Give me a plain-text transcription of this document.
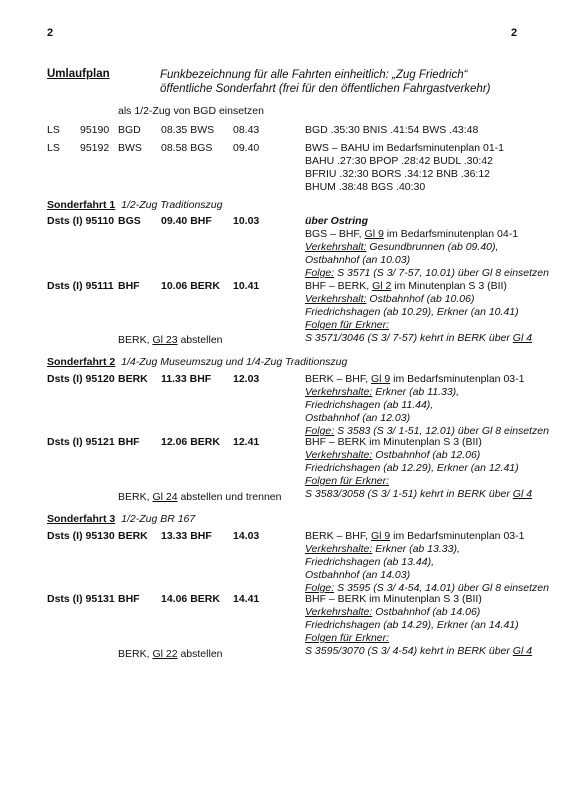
2	2
Umlaufplan	Funkbezeichnung für alle Fahrten einheitlich: „Zug Friedrich“
öffentliche Sonderfahrt (frei für den öffentlichen Fahrgastverkehr)
als 1/2-Zug von BGD einsetzen
LS 95190 BGD 08.35 BWS 08.43	BGD .35:30 BNIS .41:54 BWS .43:48
LS 95192 BWS 08.58 BGS 09.40	BWS – BAHU im Bedarfsminutenplan 01-1
BAHU .27:30 BPOP .28:42 BUDL .30:42
BFRIU .32:30 BORS .34:12 BNB .36:12
BHUM .38:48 BGS .40:30
Sonderfahrt 1 1/2-Zug Traditionszug
Dsts (I) 95110 BGS 09.40 BHF 10.03	über Ostring
BGS – BHF, Gl 9 im Bedarfsminutenplan 04-1
Verkehrshalt: Gesundbrunnen (ab 09.40),
Ostbahnhof (an 10.03)
Folge: S 3571 (S 3/ 7-57, 10.01) über Gl 8 einsetzen
Dsts (I) 95111 BHF 10.06 BERK 10.41	BHF – BERK, Gl 2 im Minutenplan S 3 (BII)
Verkehrshalt: Ostbahnhof (ab 10.06)
Friedrichshagen (ab 10.29), Erkner (an 10.41)
Folgen für Erkner:
S 3571/3046 (S 3/ 7-57) kehrt in BERK über Gl 4
BERK, Gl 23 abstellen
Sonderfahrt 2 1/4-Zug Museumszug und 1/4-Zug Traditionszug
Dsts (I) 95120 BERK 11.33 BHF 12.03	BERK – BHF, Gl 9 im Bedarfsminutenplan 03-1
Verkehrshalte: Erkner (ab 11.33),
Friedrichshagen (ab 11.44),
Ostbahnhof (an 12.03)
Folge: S 3583 (S 3/ 1-51, 12.01) über Gl 8 einsetzen
Dsts (I) 95121 BHF 12.06 BERK 12.41	BHF – BERK im Minutenplan S 3 (BII)
Verkehrshalte: Ostbahnhof (ab 12.06)
Friedrichshagen (ab 12.29), Erkner (an 12.41)
Folgen für Erkner:
S 3583/3058 (S 3/ 1-51) kehrt in BERK über Gl 4
BERK, Gl 24 abstellen und trennen
Sonderfahrt 3 1/2-Zug BR 167
Dsts (I) 95130 BERK 13.33 BHF 14.03	BERK – BHF, Gl 9 im Bedarfsminutenplan 03-1
Verkehrshalte: Erkner (ab 13.33),
Friedrichshagen (ab 13.44),
Ostbahnhof (an 14.03)
Folge: S 3595 (S 3/ 4-54, 14.01) über Gl 8 einsetzen
Dsts (I) 95131 BHF 14.06 BERK 14.41	BHF – BERK im Minutenplan S 3 (BII)
Verkehrshalte: Ostbahnhof (ab 14.06)
Friedrichshagen (ab 14.29), Erkner (an 14.41)
Folgen für Erkner:
S 3595/3070 (S 3/ 4-54) kehrt in BERK über Gl 4
BERK, Gl 22 abstellen
